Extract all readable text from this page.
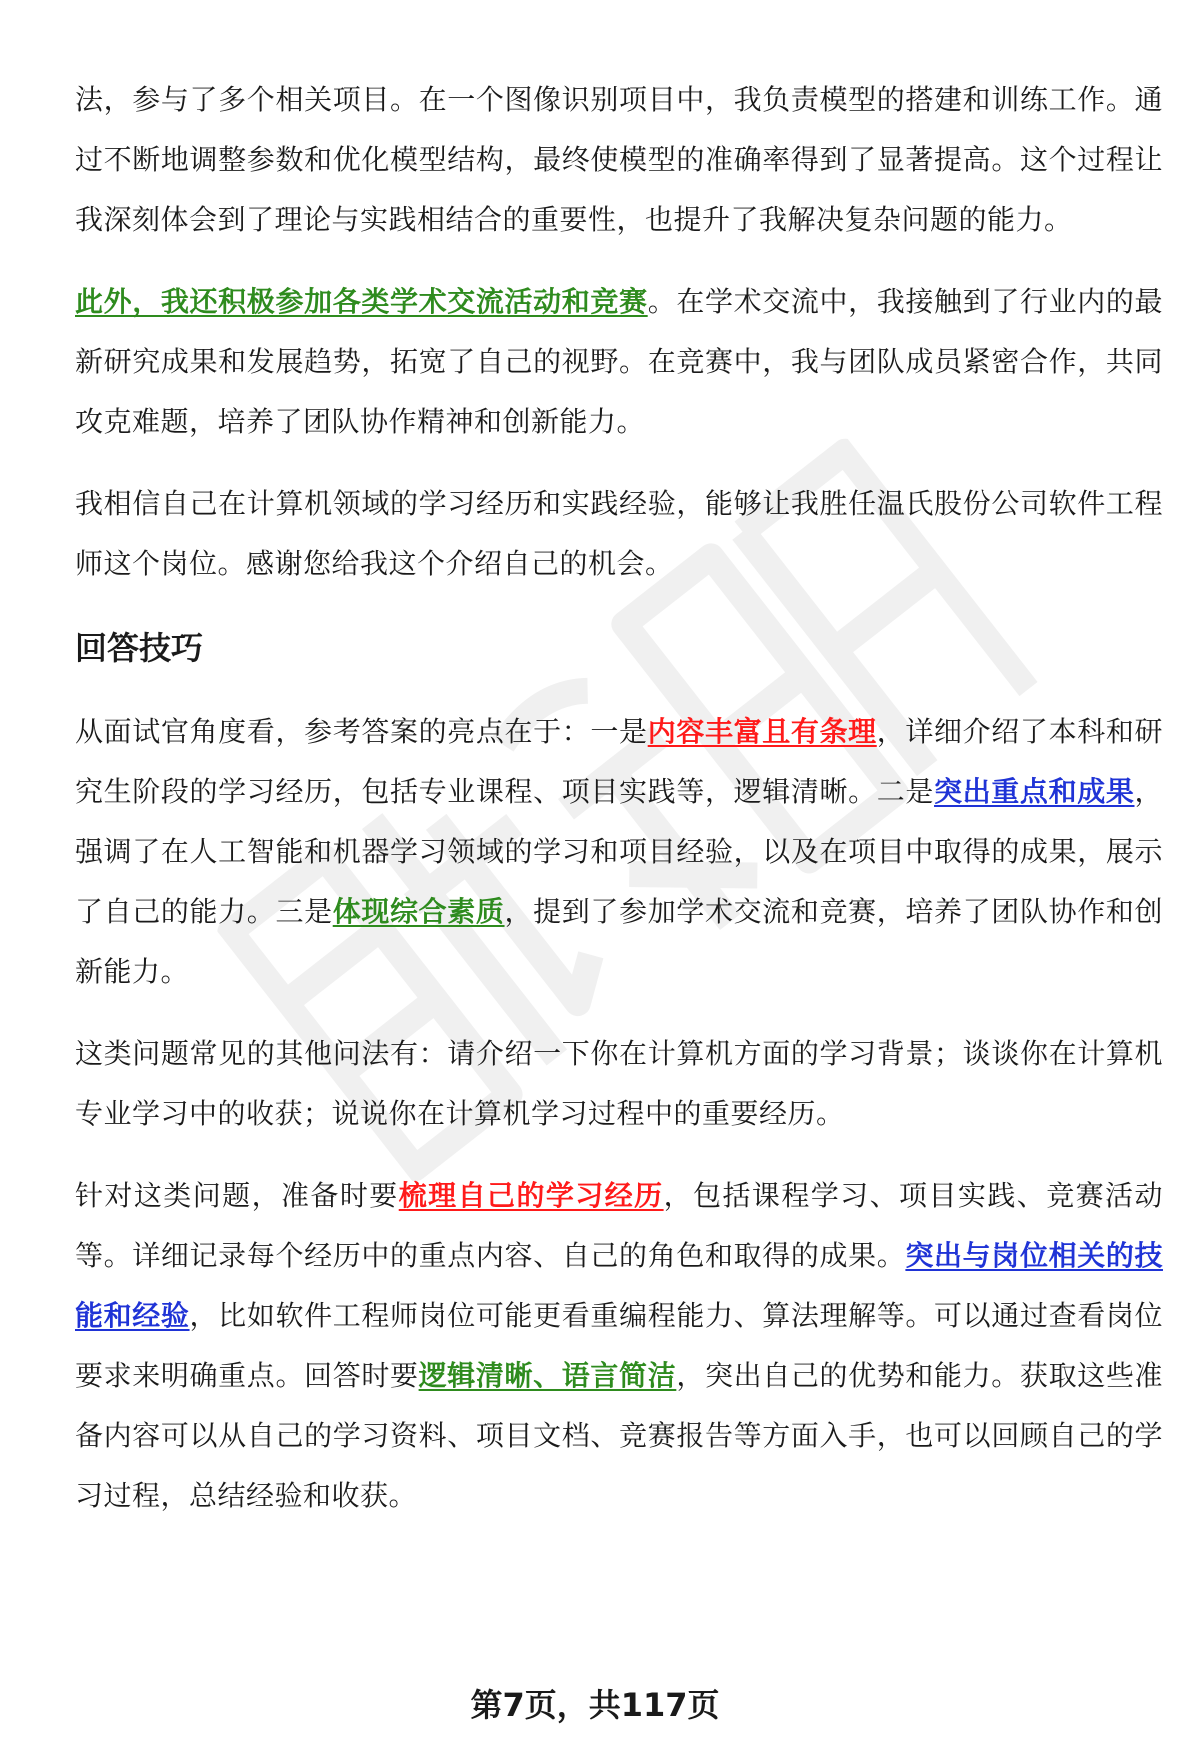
法，参与了多个相关项目。在一个图像识别项目中，我负责模型的搭建和训练工作。通过不断地调整参数和优化模型结构，最终使模型的准确率得到了显著提高。这个过程让我深刻体会到了理论与实践相结合的重要性，也提升了我解决复杂问题的能力。

此外，我还积极参加各类学术交流活动和竞赛。在学术交流中，我接触到了行业内的最新研究成果和发展趋势，拓宽了自己的视野。在竞赛中，我与团队成员紧密合作，共同攻克难题，培养了团队协作精神和创新能力。

我相信自己在计算机领域的学习经历和实践经验，能够让我胜任温氏股份公司软件工程师这个岗位。感谢您给我这个介绍自己的机会。

回答技巧

从面试官角度看，参考答案的亮点在于：一是内容丰富且有条理，详细介绍了本科和研究生阶段的学习经历，包括专业课程、项目实践等，逻辑清晰。二是突出重点和成果，强调了在人工智能和机器学习领域的学习和项目经验，以及在项目中取得的成果，展示了自己的能力。三是体现综合素质，提到了参加学术交流和竞赛，培养了团队协作和创新能力。

这类问题常见的其他问法有：请介绍一下你在计算机方面的学习背景；谈谈你在计算机专业学习中的收获；说说你在计算机学习过程中的重要经历。

针对这类问题，准备时要梳理自己的学习经历，包括课程学习、项目实践、竞赛活动等。详细记录每个经历中的重点内容、自己的角色和取得的成果。突出与岗位相关的技能和经验，比如软件工程师岗位可能更看重编程能力、算法理解等。可以通过查看岗位要求来明确重点。回答时要逻辑清晰、语言简洁，突出自己的优势和能力。获取这些准备内容可以从自己的学习资料、项目文档、竞赛报告等方面入手，也可以回顾自己的学习过程，总结经验和收获。

第7页，共117页
